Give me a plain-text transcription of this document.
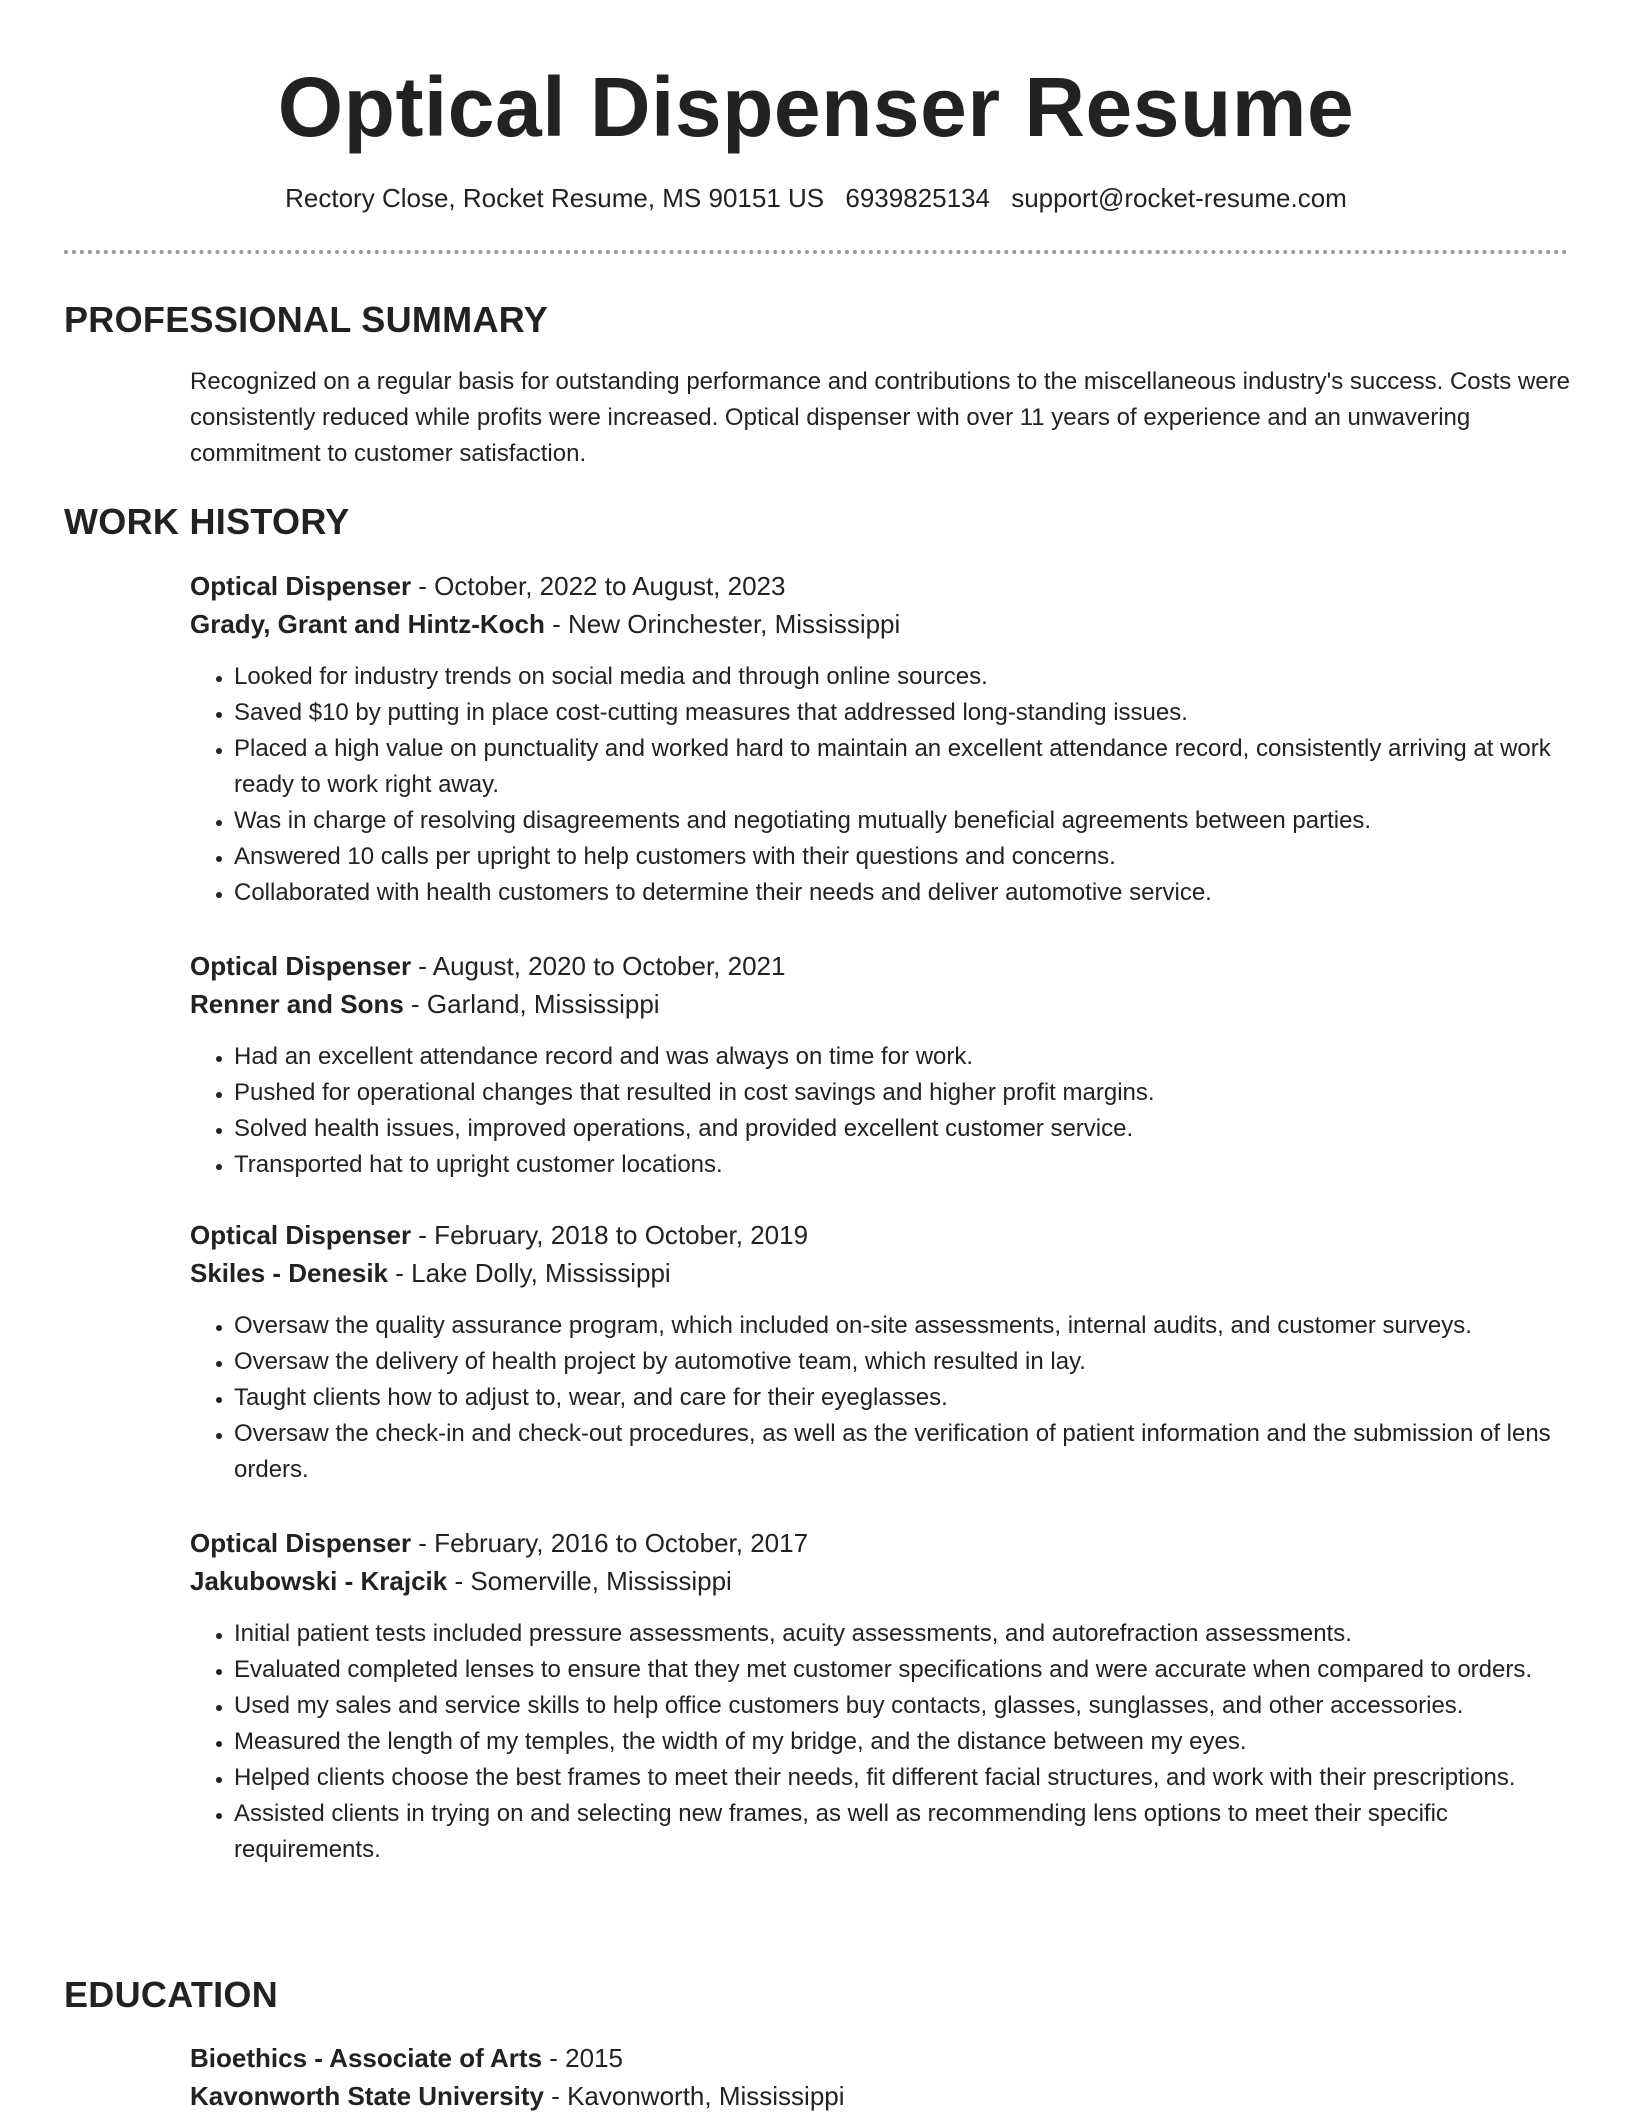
Optical Dispenser Resume
Rectory Close, Rocket Resume, MS 90151 US 6939825134 support@rocket-resume.com
PROFESSIONAL SUMMARY

Recognized on a regular basis for outstanding performance and contributions to the miscellaneous industry's success. Costs were consistently reduced while profits were increased. Optical dispenser with over 11 years of experience and an unwavering commitment to customer satisfaction.

WORK HISTORY

Optical Dispenser - October, 2022 to August, 2023

Grady, Grant and Hintz-Koch - New Orinchester, Mississippi

• Looked for industry trends on social media and through online sources.
• Saved $10 by putting in place cost-cutting measures that addressed long-standing issues.
• Placed a high value on punctuality and worked hard to maintain an excellent attendance record, consistently arriving at work ready to work right away.
• Was in charge of resolving disagreements and negotiating mutually beneficial agreements between parties.
• Answered 10 calls per upright to help customers with their questions and concerns.
• Collaborated with health customers to determine their needs and deliver automotive service.

Optical Dispenser - August, 2020 to October, 2021

Renner and Sons - Garland, Mississippi

• Had an excellent attendance record and was always on time for work.
• Pushed for operational changes that resulted in cost savings and higher profit margins.
• Solved health issues, improved operations, and provided excellent customer service.
• Transported hat to upright customer locations.

Optical Dispenser - February, 2018 to October, 2019

Skiles - Denesik - Lake Dolly, Mississippi

• Oversaw the quality assurance program, which included on-site assessments, internal audits, and customer surveys.
• Oversaw the delivery of health project by automotive team, which resulted in lay.
• Taught clients how to adjust to, wear, and care for their eyeglasses.
• Oversaw the check-in and check-out procedures, as well as the verification of patient information and the submission of lens orders.

Optical Dispenser - February, 2016 to October, 2017

Jakubowski - Krajcik - Somerville, Mississippi

• Initial patient tests included pressure assessments, acuity assessments, and autorefraction assessments.
• Evaluated completed lenses to ensure that they met customer specifications and were accurate when compared to orders.
• Used my sales and service skills to help office customers buy contacts, glasses, sunglasses, and other accessories.
• Measured the length of my temples, the width of my bridge, and the distance between my eyes.
• Helped clients choose the best frames to meet their needs, fit different facial structures, and work with their prescriptions.
• Assisted clients in trying on and selecting new frames, as well as recommending lens options to meet their specific requirements.
EDUCATION

Bioethics - Associate of Arts - 2015

Kavonworth State University - Kavonworth, Mississippi
